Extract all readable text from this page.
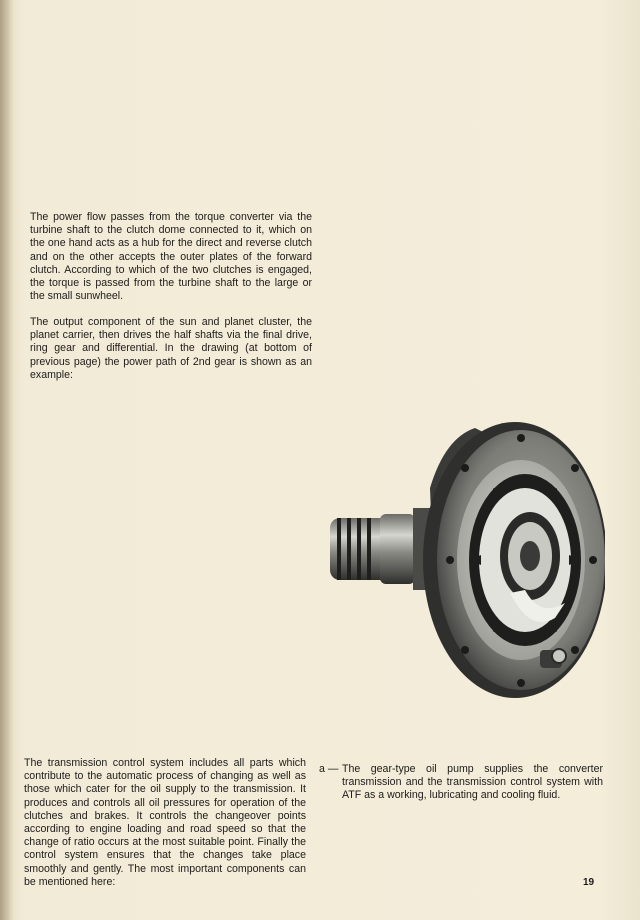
The power flow passes from the torque converter via the turbine shaft to the clutch dome connected to it, which on the one hand acts as a hub for the direct and reverse clutch and on the other accepts the outer plates of the forward clutch. According to which of the two clutches is engaged, the torque is passed from the turbine shaft to the large or the small sunwheel.

The output component of the sun and planet cluster, the planet carrier, then drives the half shafts via the final drive, ring gear and differential. In the drawing (at bottom of previous page) the power path of 2nd gear is shown as an example:

The transmission control system includes all parts which contribute to the automatic process of changing as well as those which cater for the oil supply to the transmission. It produces and controls all oil pressures for operation of the clutches and brakes. It controls the changeover points according to engine loading and road speed so that the change of ratio occurs at the most suitable point. Finally the control system ensures that the changes take place smoothly and gently. The most important components can be mentioned here:

a — The gear-type oil pump supplies the converter transmission and the transmission control system with ATF as a working, lubricating and cooling fluid.
19
